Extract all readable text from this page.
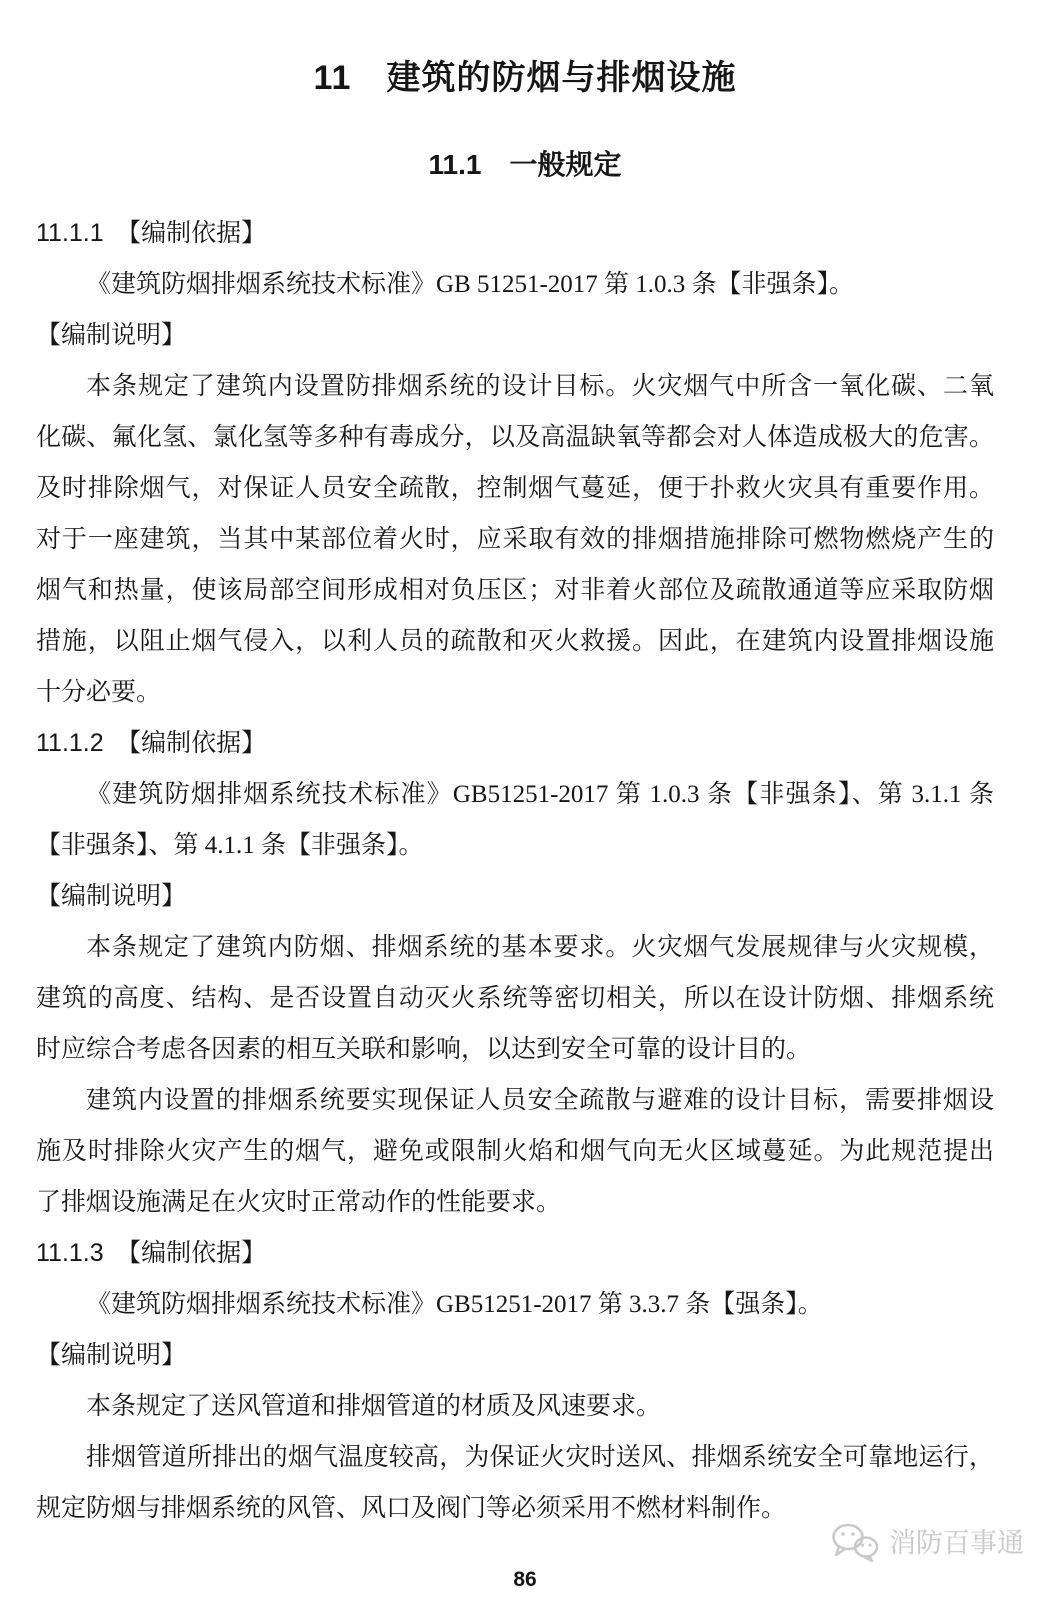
11　建筑的防烟与排烟设施
11.1　一般规定
11.1.1　【编制依据】
《建筑防烟排烟系统技术标准》GB 51251-2017 第 1.0.3 条【非强条】。
【编制说明】
本条规定了建筑内设置防排烟系统的设计目标。火灾烟气中所含一氧化碳、二氧
化碳、氟化氢、氯化氢等多种有毒成分，以及高温缺氧等都会对人体造成极大的危害。
及时排除烟气，对保证人员安全疏散，控制烟气蔓延，便于扑救火灾具有重要作用。
对于一座建筑，当其中某部位着火时，应采取有效的排烟措施排除可燃物燃烧产生的
烟气和热量，使该局部空间形成相对负压区；对非着火部位及疏散通道等应采取防烟
措施，以阻止烟气侵入，以利人员的疏散和灭火救援。因此，在建筑内设置排烟设施
十分必要。
11.1.2　【编制依据】
《建筑防烟排烟系统技术标准》GB51251-2017 第 1.0.3 条【非强条】、第 3.1.1 条
【非强条】、第 4.1.1 条【非强条】。
【编制说明】
本条规定了建筑内防烟、排烟系统的基本要求。火灾烟气发展规律与火灾规模，
建筑的高度、结构、是否设置自动灭火系统等密切相关，所以在设计防烟、排烟系统
时应综合考虑各因素的相互关联和影响，以达到安全可靠的设计目的。
建筑内设置的排烟系统要实现保证人员安全疏散与避难的设计目标，需要排烟设
施及时排除火灾产生的烟气，避免或限制火焰和烟气向无火区域蔓延。为此规范提出
了排烟设施满足在火灾时正常动作的性能要求。
11.1.3　【编制依据】
《建筑防烟排烟系统技术标准》GB51251-2017 第 3.3.7 条【强条】。
【编制说明】
本条规定了送风管道和排烟管道的材质及风速要求。
排烟管道所排出的烟气温度较高，为保证火灾时送风、排烟系统安全可靠地运行，
规定防烟与排烟系统的风管、风口及阀门等必须采用不燃材料制作。
消防百事通
86
